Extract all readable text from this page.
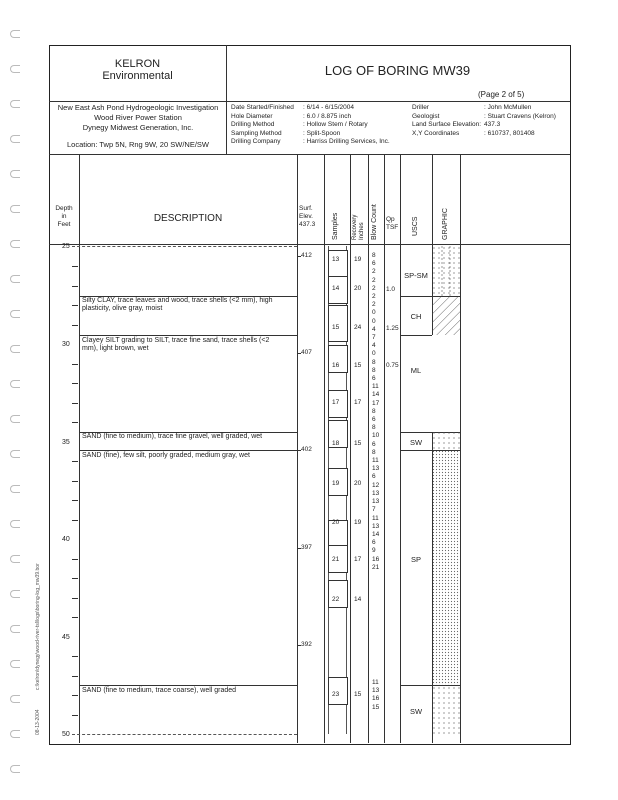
c:\kelron\dynegy\wood-river-tsl\logs\boring-log_mw39.bor
08-13-2004
KELRON
Environmental	LOG OF BORING MW39
(Page 2 of 5)
New East Ash Pond Hydrogeologic Investigation
Wood River Power Station
Dynegy Midwest Generation, Inc.
Location: Twp 5N, Rng 9W, 20 SW/NE/SW
Date Started/Finished
Hole Diameter
Drilling Method
Sampling Method
Drilling Company
: 6/14 - 6/15/2004
: 6.0 / 8.875 inch
: Hollow Stem / Rotary
: Split-Spoon
: Harriss Drilling Services, Inc.
Driller
Geologist
Land Surface Elevation:
X,Y Coordinates
: John McMullen
: Stuart Cravens (Kelron)
437.3
: 610737, 801408
Depth
in
Feet
DESCRIPTION
Surf.
Elev.
437.3 Samples Recovery Inches Blow Count Qp
TSF USCS	GRAPHIC
25
30
35
40
45
50
412
407
402
397
392
Silty CLAY, trace leaves and wood, trace shells (<2 mm), high plasticity, olive gray, moist
Clayey SILT grading to SILT, trace fine sand, trace shells (<2 mm), light brown, wet
SAND (fine to medium), trace fine gravel, well graded, wet
SAND (fine), few silt, poorly graded, medium gray, wet
SAND (fine to medium, trace coarse), well graded
13 19
14 20
15 24
16 15
17 17
18 15
19 20
20 19
21 17
22 14
23 15
8
6
2
2
2
2
2
0
0
4
7
4
0
8
8
6
11
14
17
8
6
8
10
6
8
11
13
6
12
13
13
7
11
13
14
6
9
16
21
11
13
16
15
1.0
1.25
0.75
SP-SM
CH
ML
SW
SP
SW
